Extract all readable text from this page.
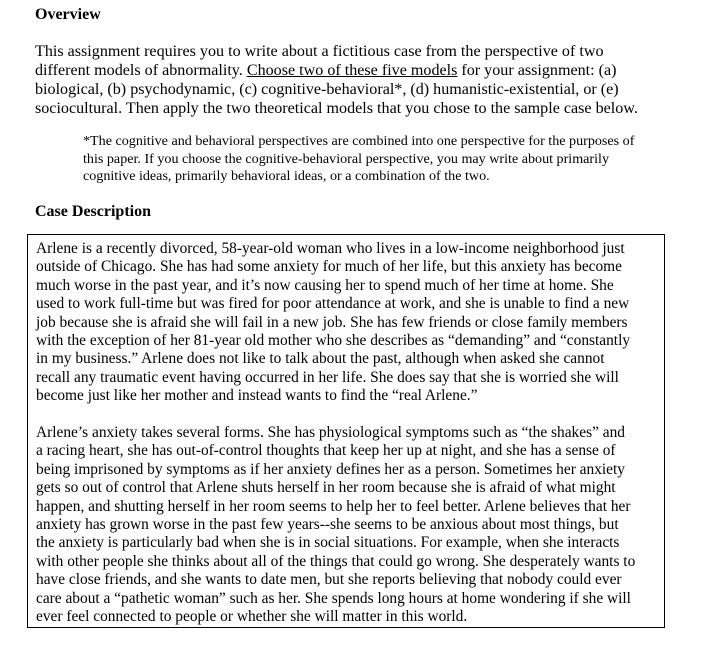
Overview

This assignment requires you to write about a fictitious case from the perspective of two
different models of abnormality. Choose two of these five models for your assignment: (a)
biological, (b) psychodynamic, (c) cognitive-behavioral*, (d) humanistic-existential, or (e)
sociocultural. Then apply the two theoretical models that you chose to the sample case below.

*The cognitive and behavioral perspectives are combined into one perspective for the purposes of
this paper. If you choose the cognitive-behavioral perspective, you may write about primarily
cognitive ideas, primarily behavioral ideas, or a combination of the two.

Case Description

Arlene is a recently divorced, 58-year-old woman who lives in a low-income neighborhood just
outside of Chicago. She has had some anxiety for much of her life, but this anxiety has become
much worse in the past year, and it’s now causing her to spend much of her time at home. She
used to work full-time but was fired for poor attendance at work, and she is unable to find a new
job because she is afraid she will fail in a new job. She has few friends or close family members
with the exception of her 81-year old mother who she describes as “demanding” and “constantly
in my business.” Arlene does not like to talk about the past, although when asked she cannot
recall any traumatic event having occurred in her life. She does say that she is worried she will
become just like her mother and instead wants to find the “real Arlene.”

Arlene’s anxiety takes several forms. She has physiological symptoms such as “the shakes” and
a racing heart, she has out-of-control thoughts that keep her up at night, and she has a sense of
being imprisoned by symptoms as if her anxiety defines her as a person. Sometimes her anxiety
gets so out of control that Arlene shuts herself in her room because she is afraid of what might
happen, and shutting herself in her room seems to help her to feel better. Arlene believes that her
anxiety has grown worse in the past few years--she seems to be anxious about most things, but
the anxiety is particularly bad when she is in social situations. For example, when she interacts
with other people she thinks about all of the things that could go wrong. She desperately wants to
have close friends, and she wants to date men, but she reports believing that nobody could ever
care about a “pathetic woman” such as her. She spends long hours at home wondering if she will
ever feel connected to people or whether she will matter in this world.
